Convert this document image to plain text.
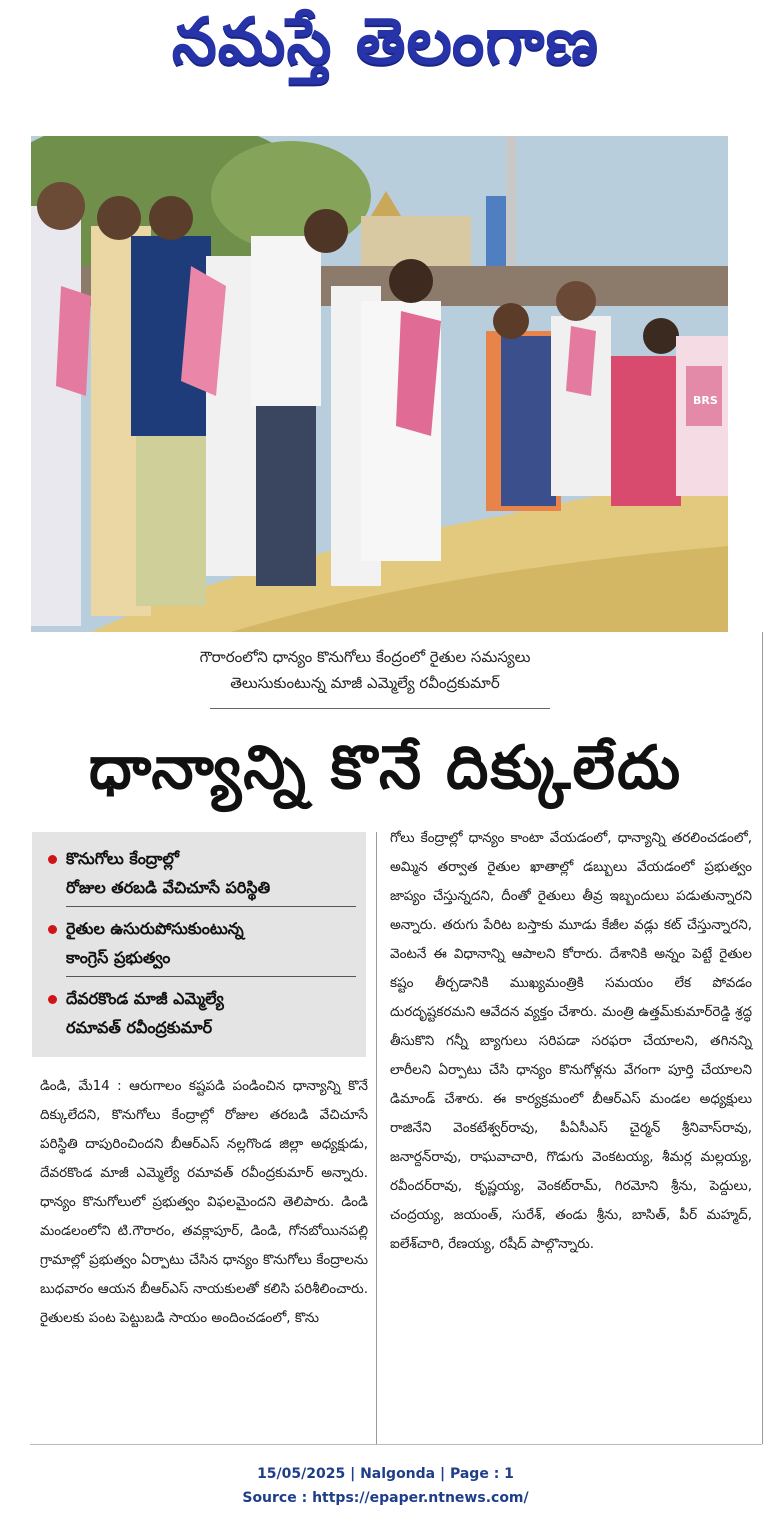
నమస్తే తెలంగాణ
BRS
గౌరారంలోని ధాన్యం కొనుగోలు కేంద్రంలో రైతుల సమస్యలు
తెలుసుకుంటున్న మాజీ ఎమ్మెల్యే రవీంద్రకుమార్
ధాన్యాన్ని కొనే దిక్కులేదు
కొనుగోలు కేంద్రాల్లో
రోజుల తరబడి వేచిచూసే పరిస్థితి
రైతుల ఉసురుపోసుకుంటున్న
కాంగ్రెస్ ప్రభుత్వం
దేవరకొండ మాజీ ఎమ్మెల్యే
రమావత్ రవీంద్రకుమార్
డిండి, మే14 : ఆరుగాలం కష్టపడి పండించిన ధాన్యాన్ని కొనే దిక్కులేదని, కొనుగోలు కేంద్రాల్లో రోజుల తరబడి వేచిచూసే పరిస్థితి దాపురించిందని బీఆర్ఎస్ నల్లగొండ జిల్లా అధ్యక్షుడు, దేవరకొండ మాజీ ఎమ్మెల్యే రమావత్ రవీంద్రకుమార్ అన్నారు. ధాన్యం కొనుగోలులో ప్రభుత్వం విఫలమైందని తెలిపారు. డిండి మండలంలోని టి.గౌరారం, తవక్లాపూర్, డిండి, గోనబోయినపల్లి గ్రామాల్లో ప్రభుత్వం ఏర్పాటు చేసిన ధాన్యం కొనుగోలు కేంద్రాలను బుధవారం ఆయన బీఆర్ఎస్ నాయకులతో కలిసి పరిశీలించారు. రైతులకు పంట పెట్టుబడి సాయం అందించడంలో, కొను
గోలు కేంద్రాల్లో ధాన్యం కాంటా వేయడంలో, ధాన్యాన్ని తరలించడంలో, అమ్మిన తర్వాత రైతుల ఖాతాల్లో డబ్బులు వేయడంలో ప్రభుత్వం జాప్యం చేస్తున్నదని, దీంతో రైతులు తీవ్ర ఇబ్బందులు పడుతున్నారని అన్నారు. తరుగు పేరిట బస్తాకు మూడు కేజీల వడ్లు కట్ చేస్తున్నారని, వెంటనే ఈ విధానాన్ని ఆపాలని కోరారు. దేశానికి అన్నం పెట్టే రైతుల కష్టం తీర్చడానికి ముఖ్యమంత్రికి సమయం లేక పోవడం దురదృష్టకరమని ఆవేదన వ్యక్తం చేశారు. మంత్రి ఉత్తమ్‌కుమార్‌రెడ్డి శ్రద్ధ తీసుకొని గన్నీ బ్యాగులు సరిపడా సరఫరా చేయాలని, తగినన్ని లారీలని ఏర్పాటు చేసి ధాన్యం కొనుగోళ్లను వేగంగా పూర్తి చేయాలని డిమాండ్ చేశారు. ఈ కార్యక్రమంలో బీఆర్ఎస్ మండల అధ్యక్షులు రాజినేని వెంకటేశ్వర్‌రావు, పీఏసీఎస్ చైర్మన్ శ్రీనివాస్‌రావు, జనార్దన్‌రావు, రాఘవాచారి, గొడుగు వెంకటయ్య, శీమర్ల మల్లయ్య, రవీందర్‌రావు, కృష్ణయ్య, వెంకట్‌రామ్, గిరమోని శ్రీను, పెద్దులు, చంద్రయ్య, జయంత్, సురేశ్, తండు శ్రీను, బాసిత్, పీర్ మహ్మద్, ఐలేశ్‌చారి, రేణయ్య, రషీద్ పాల్గొన్నారు.
15/05/2025 | Nalgonda | Page : 1
Source : https://epaper.ntnews.com/
